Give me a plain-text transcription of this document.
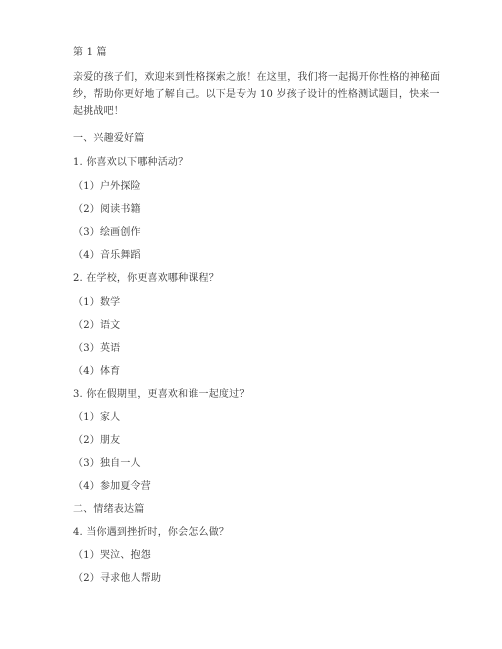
第 1 篇
亲爱的孩子们，欢迎来到性格探索之旅！在这里，我们将一起揭开你性格的神秘面
纱，帮助你更好地了解自己。以下是专为 10 岁孩子设计的性格测试题目，快来一
起挑战吧！
一、兴趣爱好篇
1. 你喜欢以下哪种活动？
（1）户外探险
（2）阅读书籍
（3）绘画创作
（4）音乐舞蹈
2. 在学校，你更喜欢哪种课程？
（1）数学
（2）语文
（3）英语
（4）体育
3. 你在假期里，更喜欢和谁一起度过？
（1）家人
（2）朋友
（3）独自一人
（4）参加夏令营
二、情绪表达篇
4. 当你遇到挫折时，你会怎么做？
（1）哭泣、抱怨
（2）寻求他人帮助
